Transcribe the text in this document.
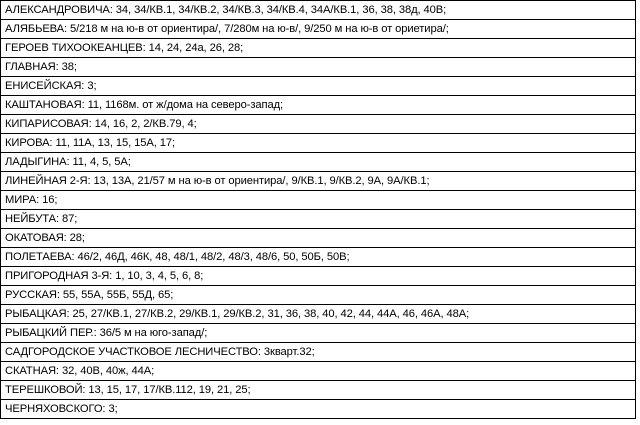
АЛЕКСАНДРОВИЧА: 34, 34/КВ.1, 34/КВ.2, 34/КВ.3, 34/КВ.4, 34А/КВ.1, 36, 38, 38д, 40В;
АЛЯБЬЕВА: 5/218 м на ю-в от ориентира/, 7/280м на ю-в/, 9/250 м на ю-в от ориетира/;
ГЕРОЕВ ТИХООКЕАНЦЕВ: 14, 24, 24а, 26, 28;
ГЛАВНАЯ: 38;
ЕНИСЕЙСКАЯ: 3;
КАШТАНОВАЯ: 11, 1168м. от ж/дома на северо-запад;
КИПАРИСОВАЯ: 14, 16, 2, 2/КВ.79, 4;
КИРОВА: 11, 11А, 13, 15, 15А, 17;
ЛАДЫГИНА: 11, 4, 5, 5А;
ЛИНЕЙНАЯ 2-Я: 13, 13А, 21/57 м на ю-в от ориентира/, 9/КВ.1, 9/КВ.2, 9А, 9А/КВ.1;
МИРА: 16;
НЕЙБУТА: 87;
ОКАТОВАЯ: 28;
ПОЛЕТАЕВА: 46/2, 46Д, 46К, 48, 48/1, 48/2, 48/3, 48/6, 50, 50Б, 50В;
ПРИГОРОДНАЯ 3-Я: 1, 10, 3, 4, 5, 6, 8;
РУССКАЯ: 55, 55А, 55Б, 55Д, 65;
РЫБАЦКАЯ: 25, 27/КВ.1, 27/КВ.2, 29/КВ.1, 29/КВ.2, 31, 36, 38, 40, 42, 44, 44А, 46, 46А, 48А;
РЫБАЦКИЙ ПЕР.: 36/5 м на юго-запад/;
САДГОРОДСКОЕ УЧАСТКОВОЕ ЛЕСНИЧЕСТВО: 3кварт.32;
СКАТНАЯ: 32, 40В, 40ж, 44А;
ТЕРЕШКОВОЙ: 13, 15, 17, 17/КВ.112, 19, 21, 25;
ЧЕРНЯХОВСКОГО: 3;
